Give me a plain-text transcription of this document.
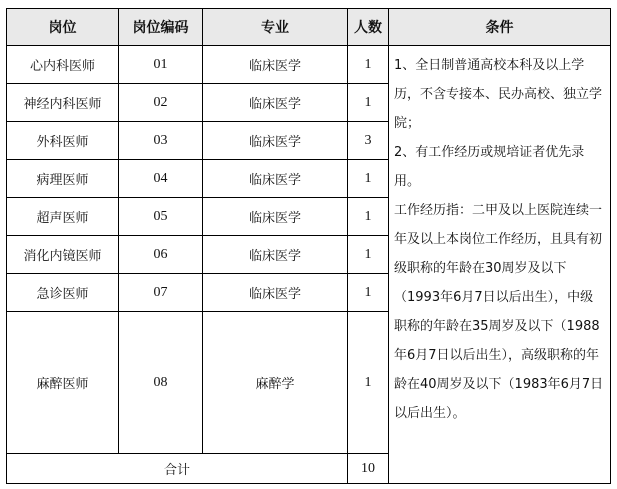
岗位	岗位编码	专业	人数	条件
心内科医师	01	临床医学	1	1、全日制普通高校本科及以上学历，不含专接本、民办高校、独立学院；

2、有工作经历或规培证者优先录用。

工作经历指：二甲及以上医院连续一年及以上本岗位工作经历，且具有初级职称的年龄在30周岁及以下（1993年6月7日以后出生），中级职称的年龄在35周岁及以下（1988年6月7日以后出生），高级职称的年龄在40周岁及以下（1983年6月7日以后出生）。

神经内科医师	02	临床医学	1	
外科医师	03	临床医学	3	
病理医师	04	临床医学	1	
超声医师	05	临床医学	1	
消化内镜医师	06	临床医学	1	
急诊医师	07	临床医学	1	
麻醉医师	08	麻醉学	1	
合计			10	
